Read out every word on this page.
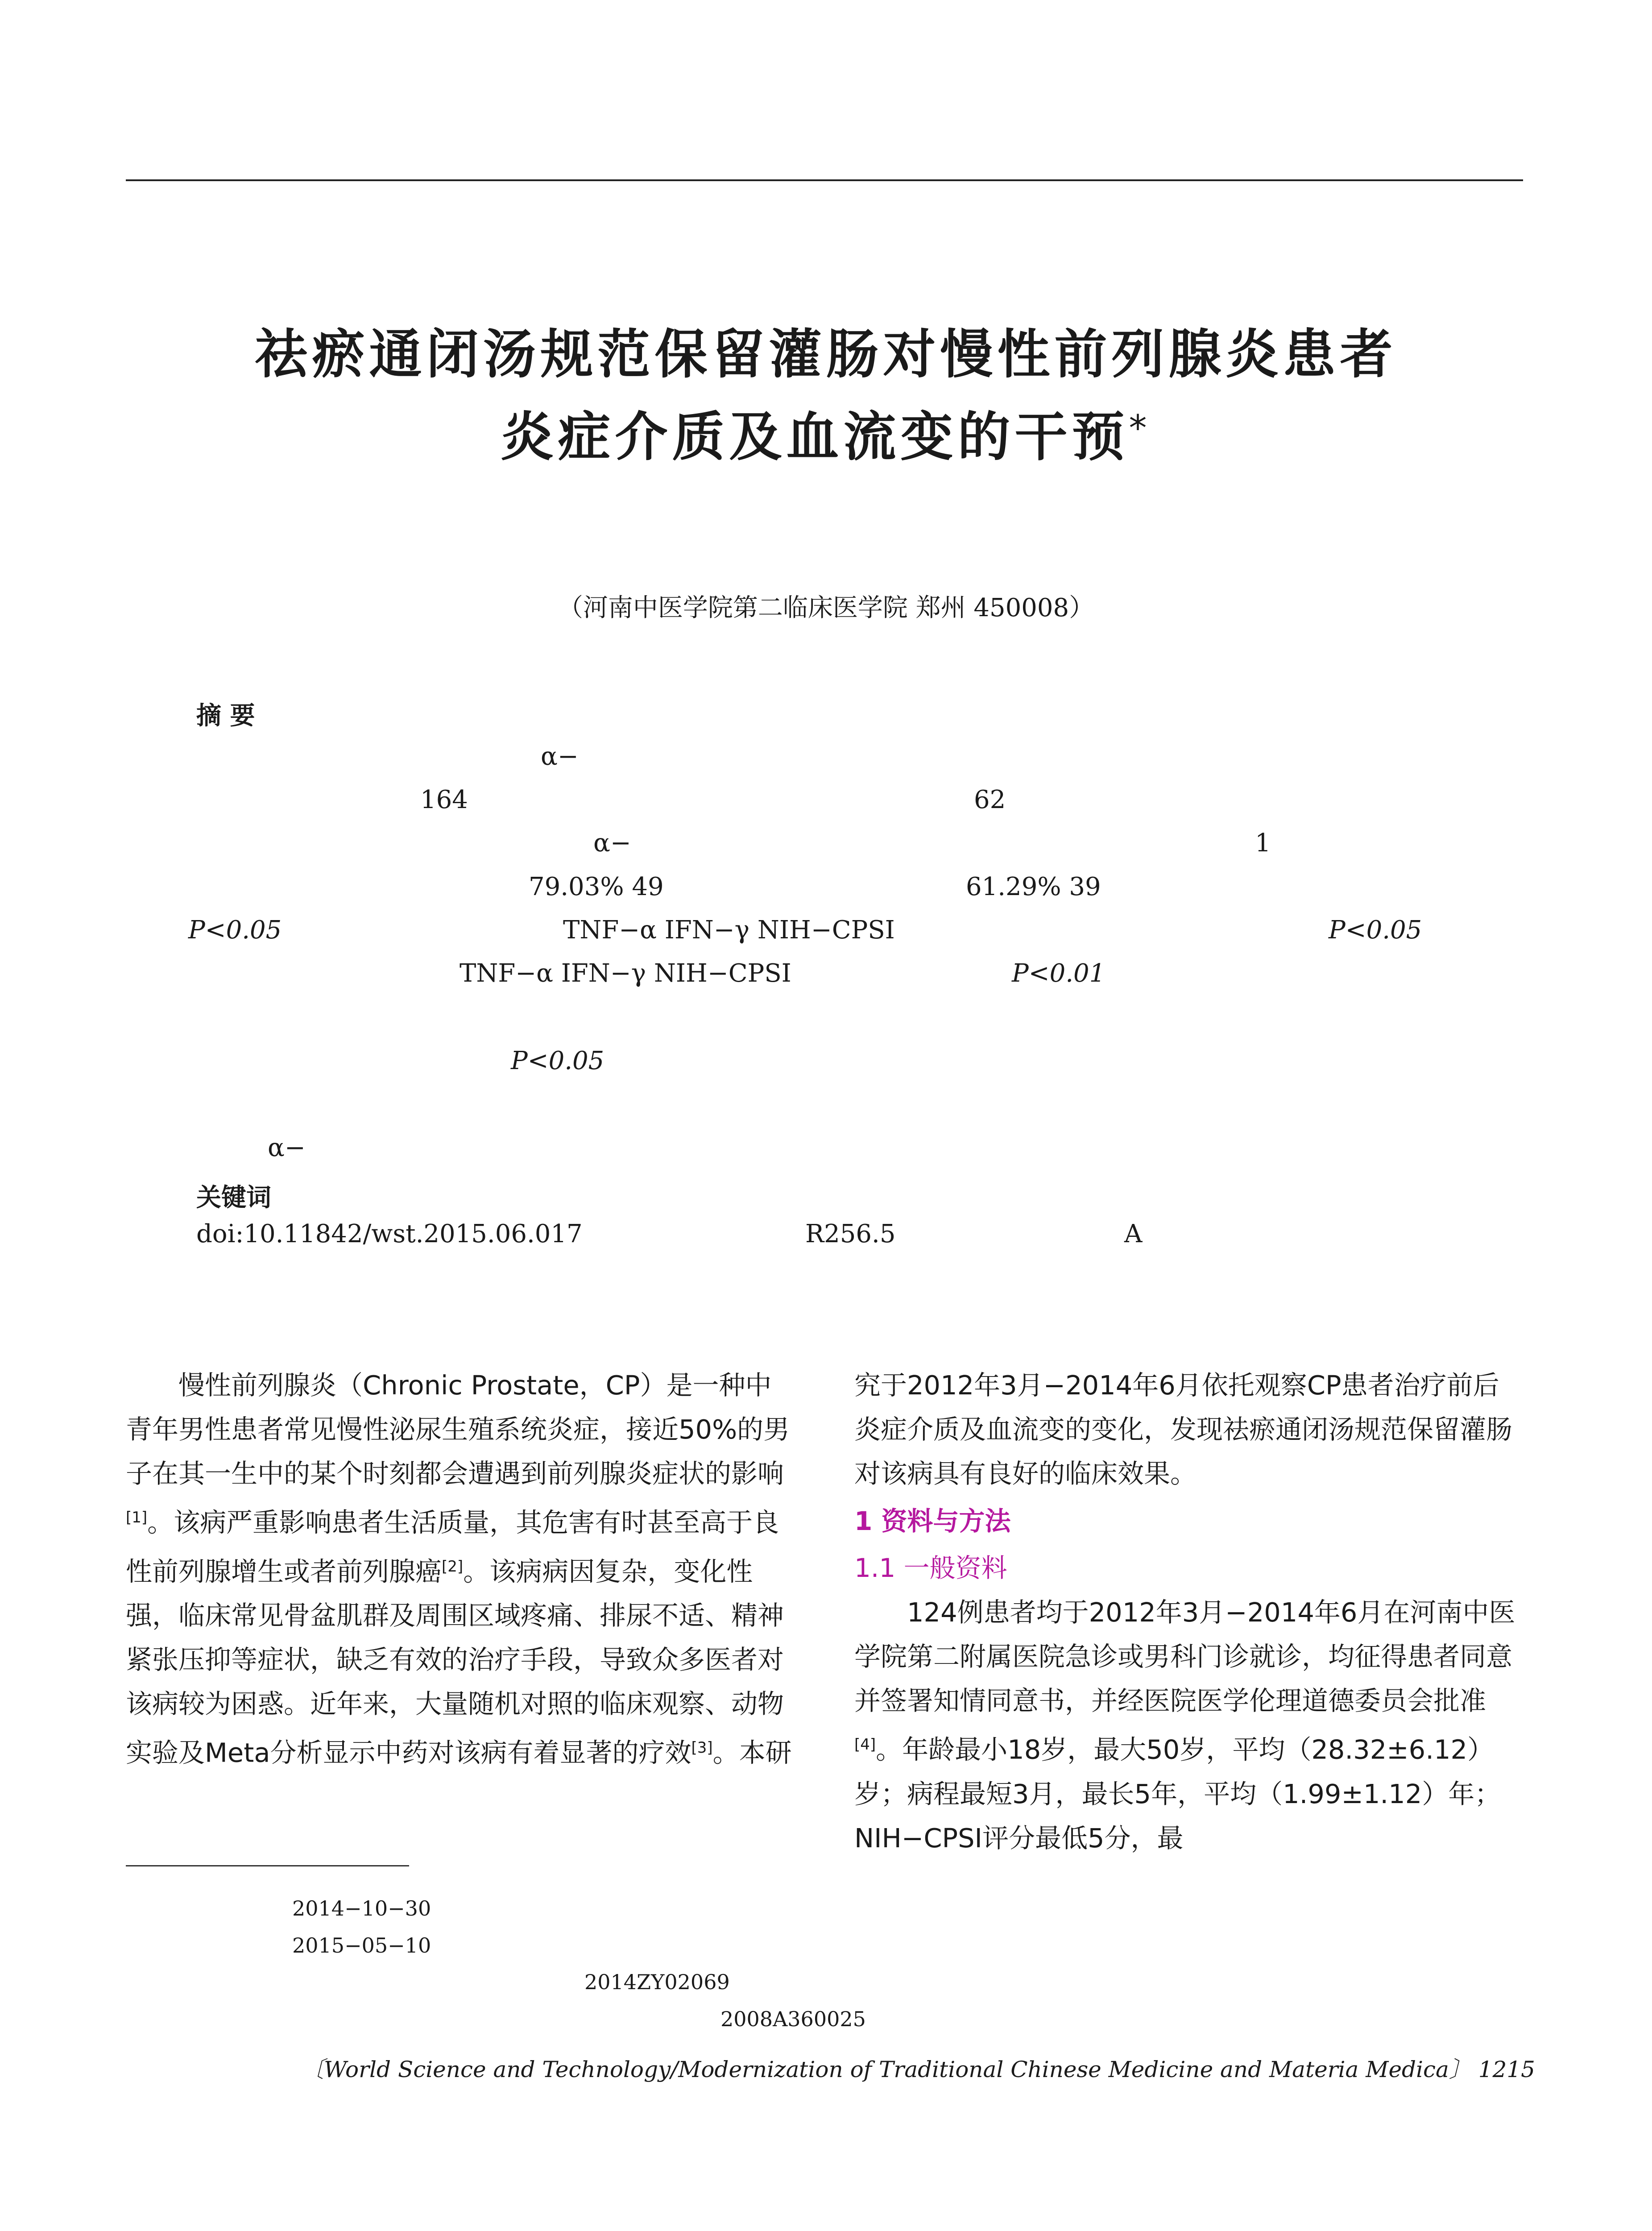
祛瘀通闭汤规范保留灌肠对慢性前列腺炎患者
炎症介质及血流变的干预*
（河南中医学院第二临床医学院 郑州 450008）
摘 要
α−
164	62
α−	1
79.03% 49	61.29% 39
P<0.05	TNF−α IFN−γ NIH−CPSI	P<0.05
TNF−α IFN−γ NIH−CPSI	P<0.01
P<0.05
α−
关键词
doi:10.11842/wst.2015.06.017	R256.5	A

慢性前列腺炎（Chronic Prostate，CP）是一种中青年男性患者常见慢性泌尿生殖系统炎症，接近50%的男子在其一生中的某个时刻都会遭遇到前列腺炎症状的影响[1]。该病严重影响患者生活质量，其危害有时甚至高于良性前列腺增生或者前列腺癌[2]。该病病因复杂，变化性强，临床常见骨盆肌群及周围区域疼痛、排尿不适、精神紧张压抑等症状，缺乏有效的治疗手段，导致众多医者对该病较为困惑。近年来，大量随机对照的临床观察、动物实验及Meta分析显示中药对该病有着显著的疗效[3]。本研

究于2012年3月−2014年6月依托观察CP患者治疗前后炎症介质及血流变的变化，发现祛瘀通闭汤规范保留灌肠对该病具有良好的临床效果。

1 资料与方法

1.1 一般资料

124例患者均于2012年3月−2014年6月在河南中医学院第二附属医院急诊或男科门诊就诊，均征得患者同意并签署知情同意书，并经医院医学伦理道德委员会批准[4]。年龄最小18岁，最大50岁，平均（28.32±6.12）岁；病程最短3月，最长5年，平均（1.99±1.12）年；NIH−CPSI评分最低5分，最

2014−10−30
2015−05−10
2014ZY02069
2008A360025
〔World Science and Technology/Modernization of Traditional Chinese Medicine and Materia Medica〕 1215
